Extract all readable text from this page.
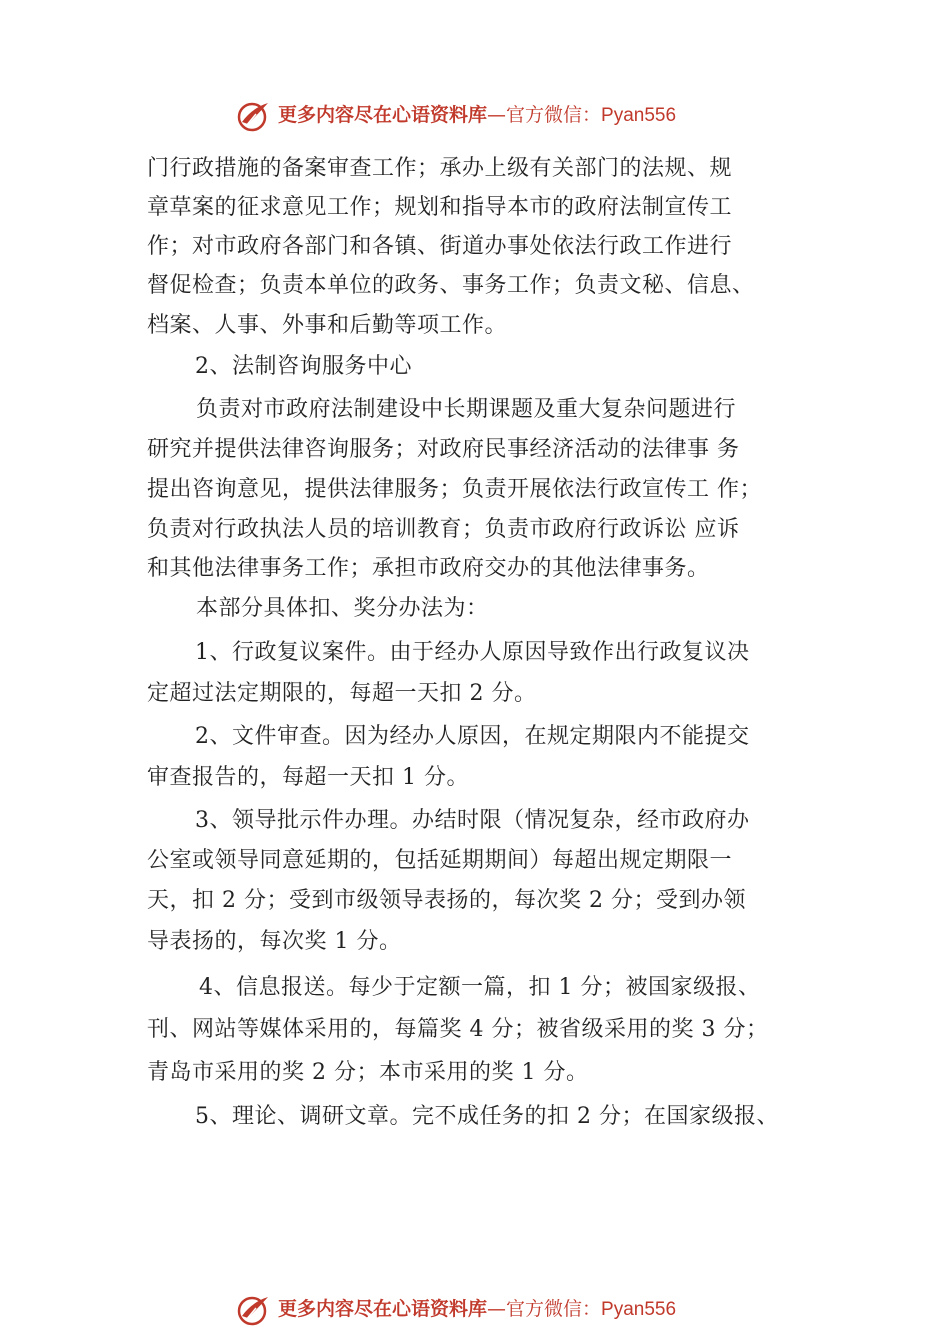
更多内容尽在心语资料库—官方微信：Pyan556
门行政措施的备案审查工作；承办上级有关部门的法规、规
章草案的征求意见工作；规划和指导本市的政府法制宣传工
作；对市政府各部门和各镇、街道办事处依法行政工作进行
督促检查；负责本单位的政务、事务工作；负责文秘、信息、
档案、人事、外事和后勤等项工作。
2、法制咨询服务中心
负责对市政府法制建设中长期课题及重大复杂问题进行
研究并提供法律咨询服务；对政府民事经济活动的法律事 务
提出咨询意见，提供法律服务；负责开展依法行政宣传工 作；
负责对行政执法人员的培训教育；负责市政府行政诉讼 应诉
和其他法律事务工作；承担市政府交办的其他法律事务。
本部分具体扣、奖分办法为：
1、行政复议案件。由于经办人原因导致作出行政复议决
定超过法定期限的，每超一天扣 2 分。
2、文件审查。因为经办人原因，在规定期限内不能提交
审查报告的，每超一天扣 1 分。
3、领导批示件办理。办结时限（情况复杂，经市政府办
公室或领导同意延期的，包括延期期间）每超出规定期限一
天，扣 2 分；受到市级领导表扬的，每次奖 2 分；受到办领
导表扬的，每次奖 1 分。
4、信息报送。每少于定额一篇，扣 1 分；被国家级报、
刊、网站等媒体采用的，每篇奖 4 分；被省级采用的奖 3 分；
青岛市采用的奖 2 分；本市采用的奖 1 分。
5、理论、调研文章。完不成任务的扣 2 分；在国家级报、
更多内容尽在心语资料库—官方微信：Pyan556
